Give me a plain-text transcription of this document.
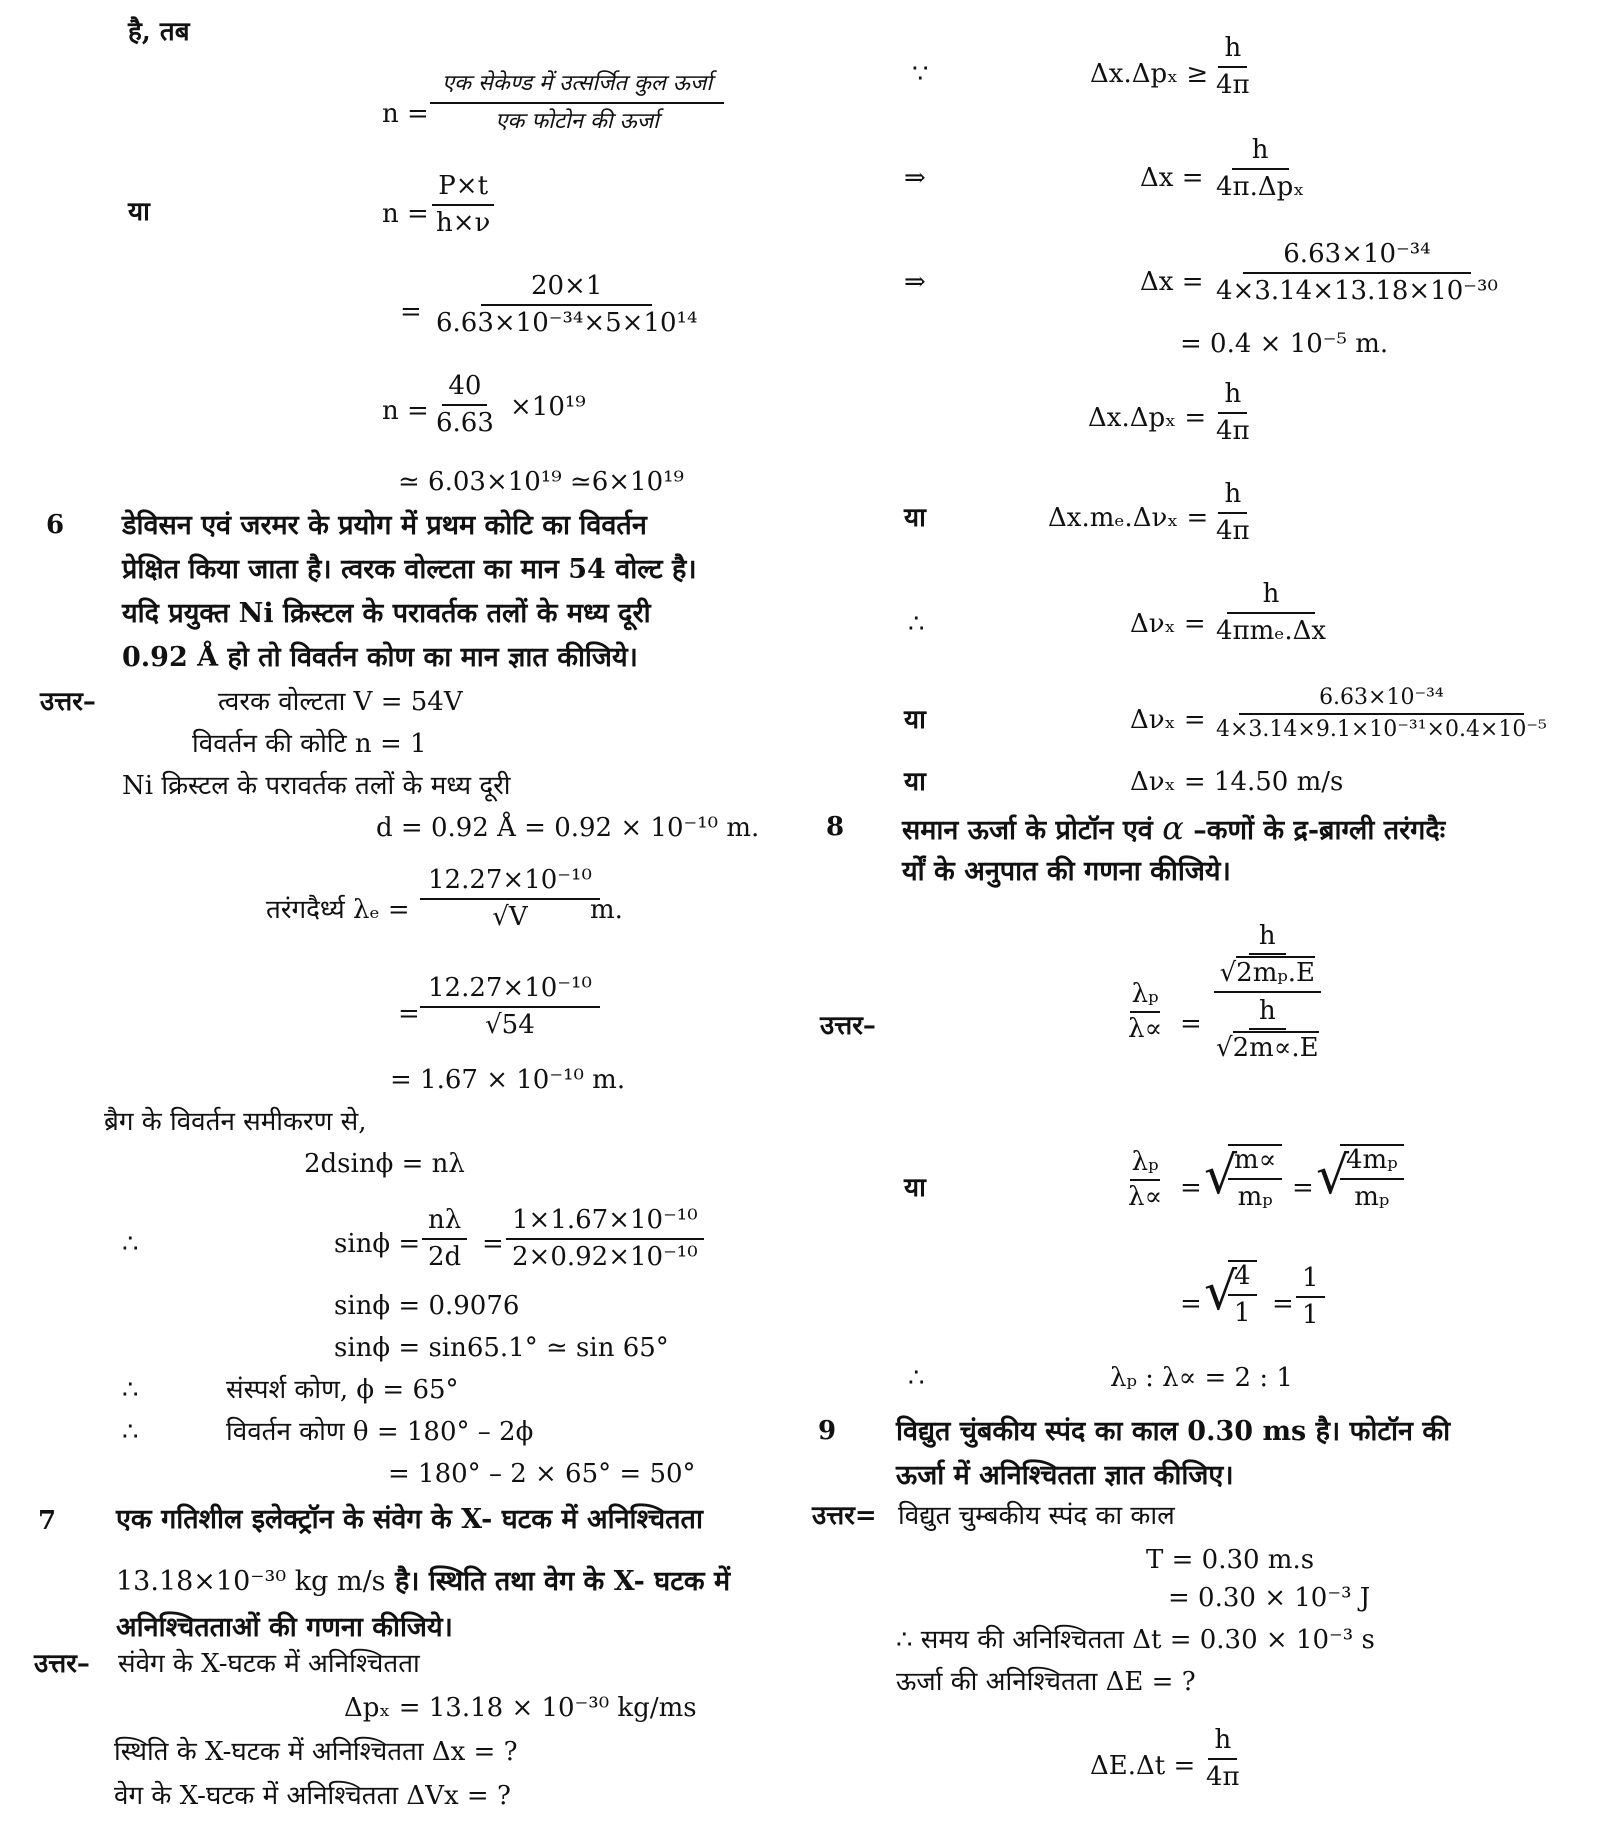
है, तब
n =
एक सेकेण्ड में उत्सर्जित कुल ऊर्जा
एक फोटोन की ऊर्जा
या	$n = \frac{P\times t}{h\times\nu}$
= $\frac{20\times 1}{\text{6.63×10⁻³⁴×5×10¹⁴}}$
$n = \frac{40}{6.63} \times 10^{19}$
≃ 6.03×10¹⁹ ≃6×10¹⁹
6 डेविसन एवं जरमर के प्रयोग में प्रथम कोटि का विवर्तन
प्रेक्षित किया जाता है। त्वरक वोल्टता का मान 54 वोल्ट है।
यदि प्रयुक्त Ni क्रिस्टल के परावर्तक तलों के मध्य दूरी
0.92 Å हो तो विवर्तन कोण का मान ज्ञात कीजिये।
उत्तर–	त्वरक वोल्टता V = 54V
विवर्तन की कोटि n = 1
Ni क्रिस्टल के परावर्तक तलों के मध्य दूरी
d = 0.92 Å = 0.92 × 10⁻¹⁰ m.
तरंगदैर्ध्य $\lambda_e = \frac{\text{12.27×10⁻¹⁰}}{√V}$
m.
= $\frac{\text{12.27×10⁻¹⁰}}{√54}$
= 1.67 × 10⁻¹⁰ m.
ब्रैग के विवर्तन समीकरण से,
2dsinϕ = nλ
∴	$\sin\phi = \frac{n\lambda}{2d} = \frac{\text{1×1.67×10⁻¹⁰}}{\text{2×0.92×10⁻¹⁰}}$
sinϕ = 0.9076
sinϕ = sin65.1° ≃ sin 65°
∴	संस्पर्श कोण, ϕ = 65°
∴	विवर्तन कोण θ = 180° – 2ϕ
= 180° – 2 × 65° = 50°
7 एक गतिशील इलेक्ट्रॉन के संवेग के X- घटक में अनिश्चितता
13.18×10⁻³⁰ kg m/s है। स्थिति तथा वेग के X- घटक में
अनिश्चितताओं की गणना कीजिये।
उत्तर– संवेग के X-घटक में अनिश्चितता
Δpₓ = 13.18 × 10⁻³⁰ kg/ms
स्थिति के X-घटक में अनिश्चितता Δx = ?
वेग के X-घटक में अनिश्चितता ΔVx = ?
∵	$\Delta x.\Delta p_x \ge \frac{h}{4\pi}$
⇒	Δx =
h
4π.Δpₓ
⇒	$\Delta x = \frac{\text{6.63×10⁻³⁴}}{\text{4×3.14×13.18×10⁻³⁰}}$
= 0.4 × 10⁻⁵ m.
$\Delta x.\Delta p_x = \frac{h}{4\pi}$
या	$\Delta x.m_e.\Delta\nu_x = \frac{h}{4\pi}$
∴	Δνₓ =
h
4πmₑ.Δx
या	$\Delta\nu_x = \frac{\text{6.63×10⁻³⁴}}{\text{4×3.14×9.1×10⁻³¹×0.4×10⁻⁵}}$
या	Δνₓ = 14.50 m/s
8 समान ऊर्जा के प्रोटॉन एवं α –कणों के द्र-ब्राग्ली तरंगदैः
र्यों के अनुपात की गणना कीजिये।
उत्तर–	$\frac{\text{λₚ}}{\lambda\propto} = h$
√2mₚ.E
h
√2m∝.E
या	$\frac{\text{λₚ}}{\lambda\propto}$ = √
$\frac{m\propto}{\text{mₚ}}$ = √
$\frac{\text{4mₚ}}{\text{mₚ}}$
= √
$\frac{4}{1} = \frac{1}{1}$
∴	λₚ : λ∝ = 2 : 1
9 विद्युत चुंबकीय स्पंद का काल 0.30 ms है। फोटॉन की
ऊर्जा में अनिश्चितता ज्ञात कीजिए।
उत्तर= विद्युत चुम्बकीय स्पंद का काल
T = 0.30 m.s
= 0.30 × 10⁻³ J
∴ समय की अनिश्चितता Δt = 0.30 × 10⁻³ s
ऊर्जा की अनिश्चितता ΔE = ?
$\Delta E.\Delta t = \frac{h}{4\pi}$
